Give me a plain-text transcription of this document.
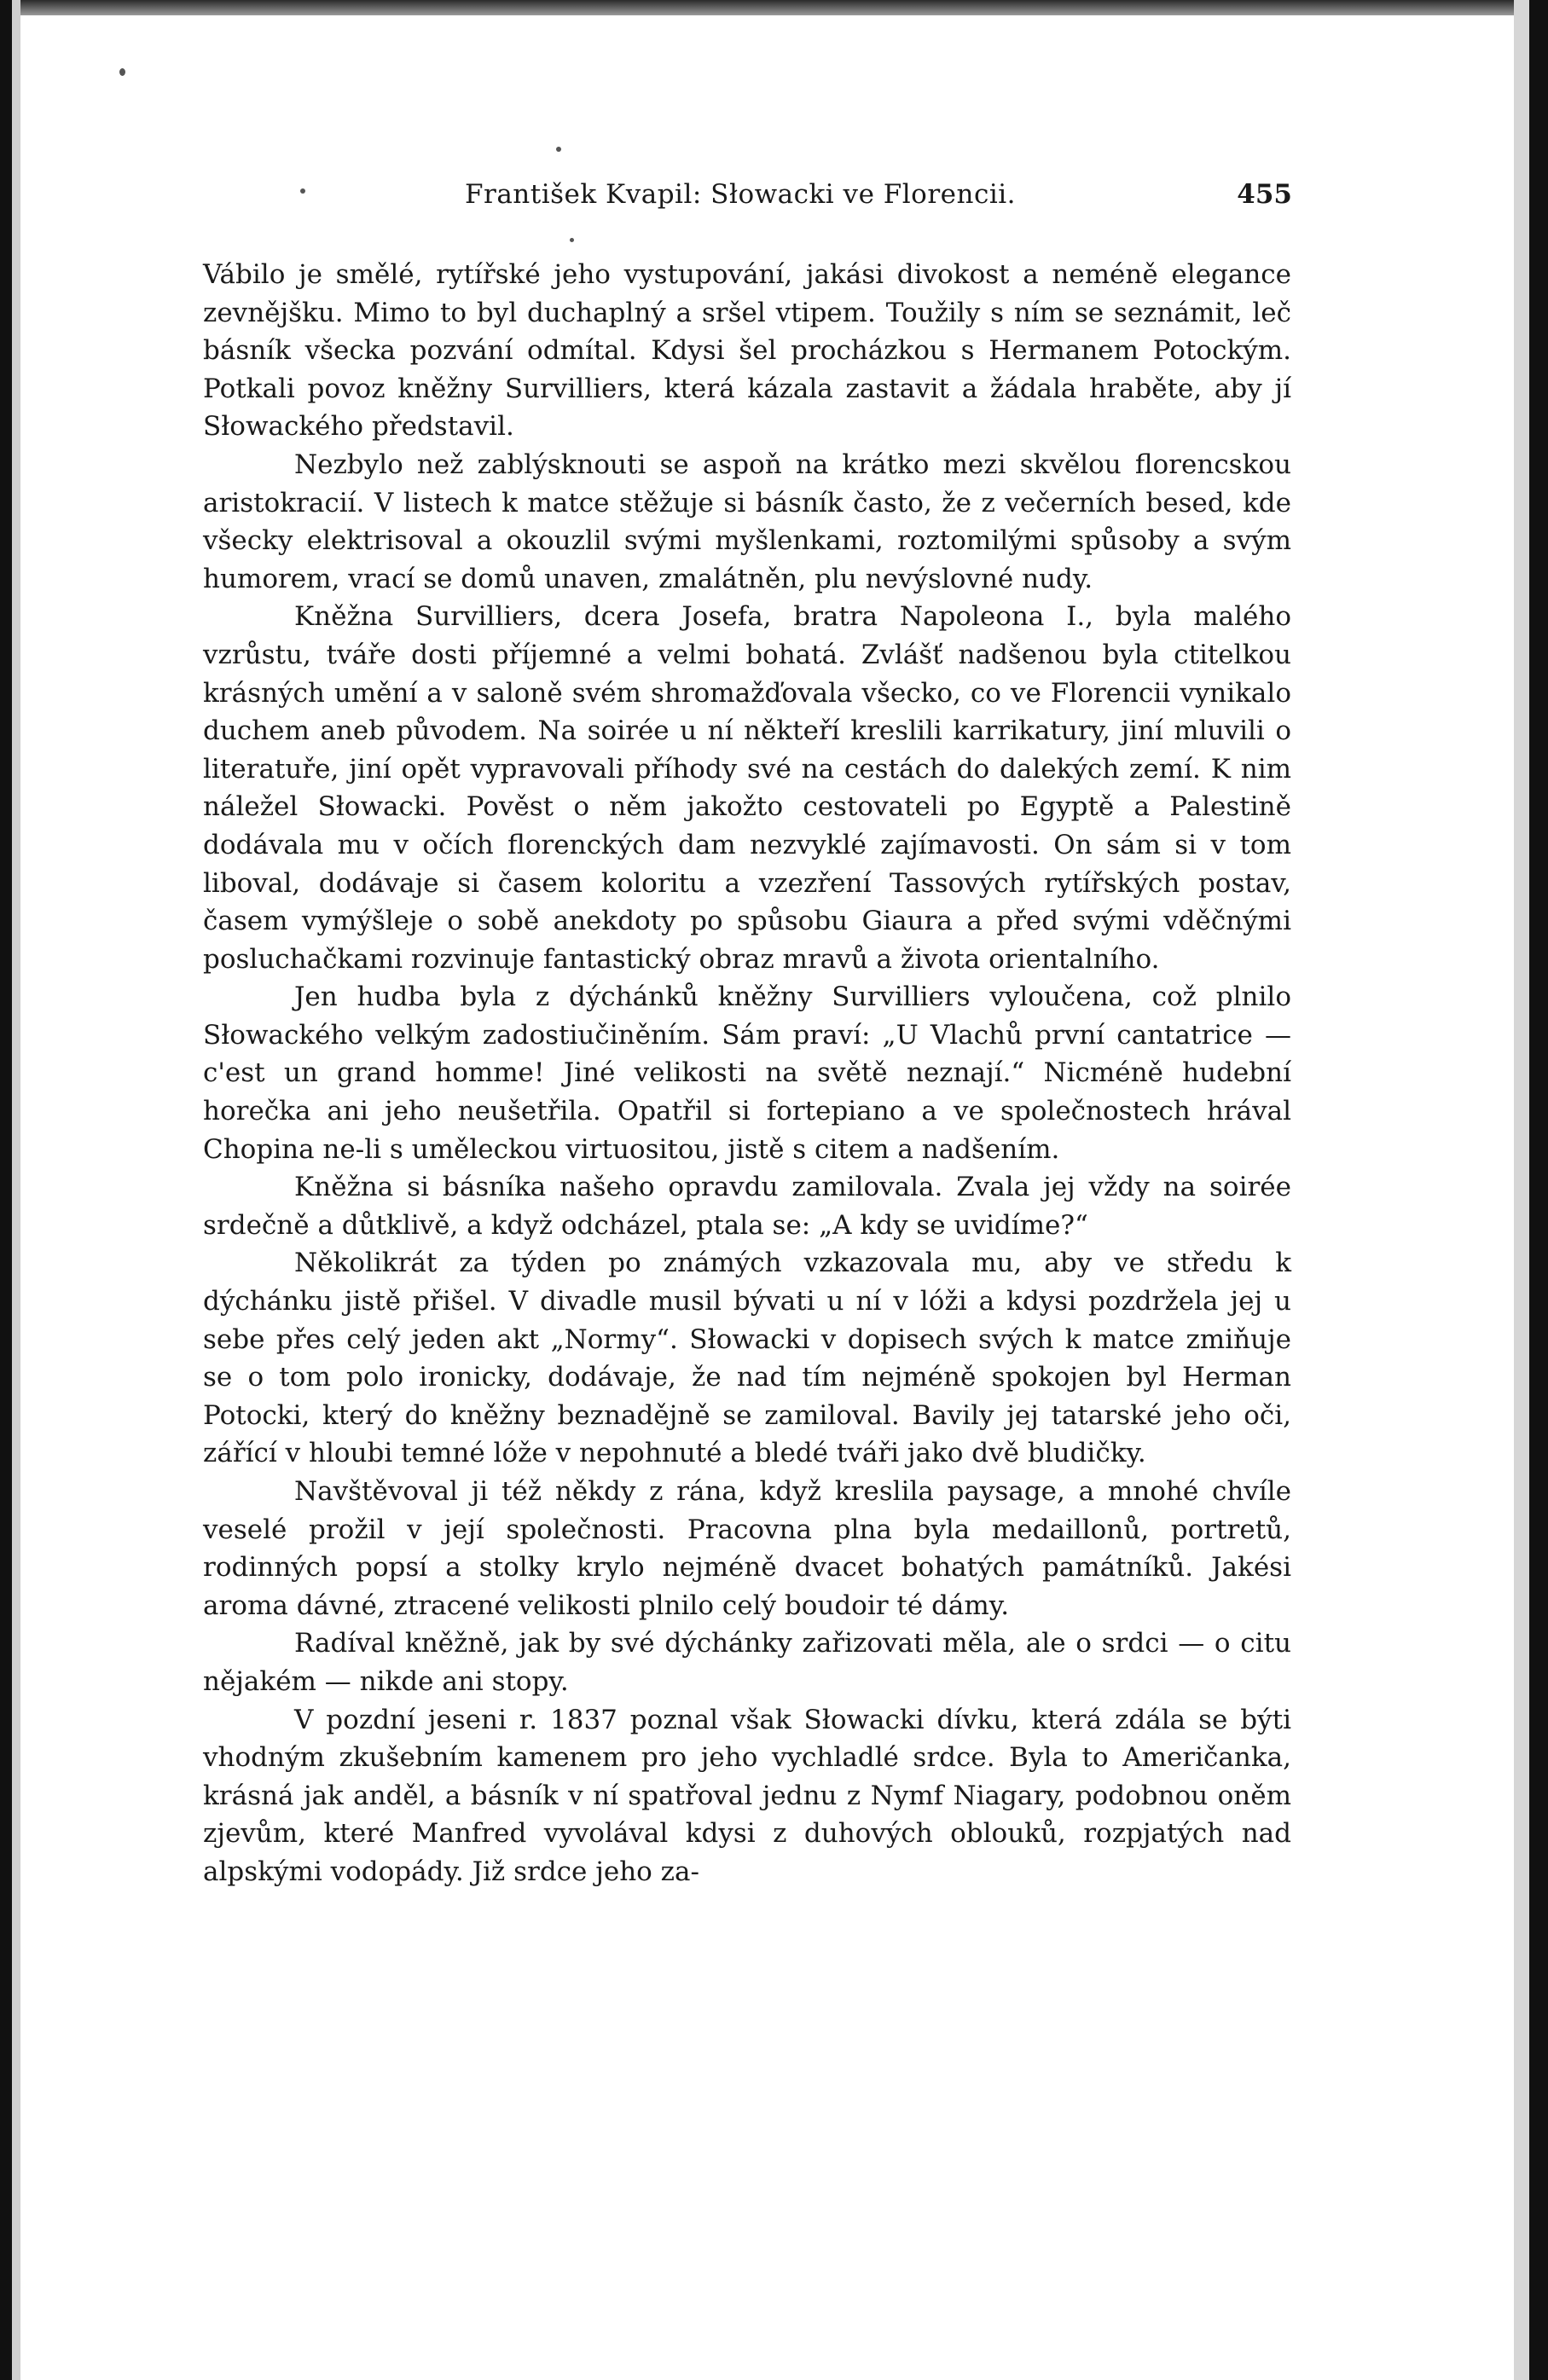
František Kvapil: Słowacki ve Florencii.	455

Vábilo je smělé, rytířské jeho vystupování, jakási divokost a neméně elegance zevnějšku. Mimo to byl duchaplný a sršel vtipem. Toužily s ním se seznámit, leč básník všecka pozvání odmítal. Kdysi šel procházkou s Hermanem Potockým. Potkali povoz kněžny Survilliers, která kázala zastavit a žádala hraběte, aby jí Słowackého představil.

Nezbylo než zablýsknouti se aspoň na krátko mezi skvělou florencskou aristokracií. V listech k matce stěžuje si básník často, že z večerních besed, kde všecky elektrisoval a okouzlil svými myšlenkami, roztomilými spůsoby a svým humorem, vrací se domů unaven, zmalátněn, plu nevýslovné nudy.

Kněžna Survilliers, dcera Josefa, bratra Napoleona I., byla malého vzrůstu, tváře dosti příjemné a velmi bohatá. Zvlášť nadšenou byla ctitelkou krásných umění a v saloně svém shromažďovala všecko, co ve Florencii vynikalo duchem aneb původem. Na soirée u ní někteří kreslili karrikatury, jiní mluvili o literatuře, jiní opět vypravovali příhody své na cestách do dalekých zemí. K nim náležel Słowacki. Pověst o něm jakožto cestovateli po Egyptě a Palestině dodávala mu v očích florenckých dam nezvyklé zajímavosti. On sám si v tom liboval, dodávaje si časem koloritu a vzezření Tassových rytířských postav, časem vymýšleje o sobě anekdoty po spůsobu Giaura a před svými vděčnými posluchačkami rozvinuje fantastický obraz mravů a života orientalního.

Jen hudba byla z dýchánků kněžny Survilliers vyloučena, což plnilo Słowackého velkým zadostiučiněním. Sám praví: „U Vlachů první cantatrice — c'est un grand homme! Jiné velikosti na světě neznají.“ Nicméně hudební horečka ani jeho neušetřila. Opatřil si fortepiano a ve společnostech hrával Chopina ne-li s uměleckou virtuositou, jistě s citem a nadšením.

Kněžna si básníka našeho opravdu zamilovala. Zvala jej vždy na soirée srdečně a důtklivě, a když odcházel, ptala se: „A kdy se uvidíme?“

Několikrát za týden po známých vzkazovala mu, aby ve středu k dýchánku jistě přišel. V divadle musil bývati u ní v lóži a kdysi pozdržela jej u sebe přes celý jeden akt „Normy“. Słowacki v dopisech svých k matce zmiňuje se o tom polo ironicky, dodávaje, že nad tím nejméně spokojen byl Herman Potocki, který do kněžny beznadějně se zamiloval. Bavily jej tatarské jeho oči, zářící v hloubi temné lóže v nepohnuté a bledé tváři jako dvě bludičky.

Navštěvoval ji též někdy z rána, když kreslila paysage, a mnohé chvíle veselé prožil v její společnosti. Pracovna plna byla medaillonů, portretů, rodinných popsí a stolky krylo nejméně dvacet bohatých památníků. Jakési aroma dávné, ztracené velikosti plnilo celý boudoir té dámy.

Radíval kněžně, jak by své dýchánky zařizovati měla, ale o srdci — o citu nějakém — nikde ani stopy.

V pozdní jeseni r. 1837 poznal však Słowacki dívku, která zdála se býti vhodným zkušebním kamenem pro jeho vychladlé srdce. Byla to Američanka, krásná jak anděl, a básník v ní spatřoval jednu z Nymf Niagary, podobnou oněm zjevům, které Manfred vyvolával kdysi z duhových oblouků, rozpjatých nad alpskými vodopády. Již srdce jeho za-
